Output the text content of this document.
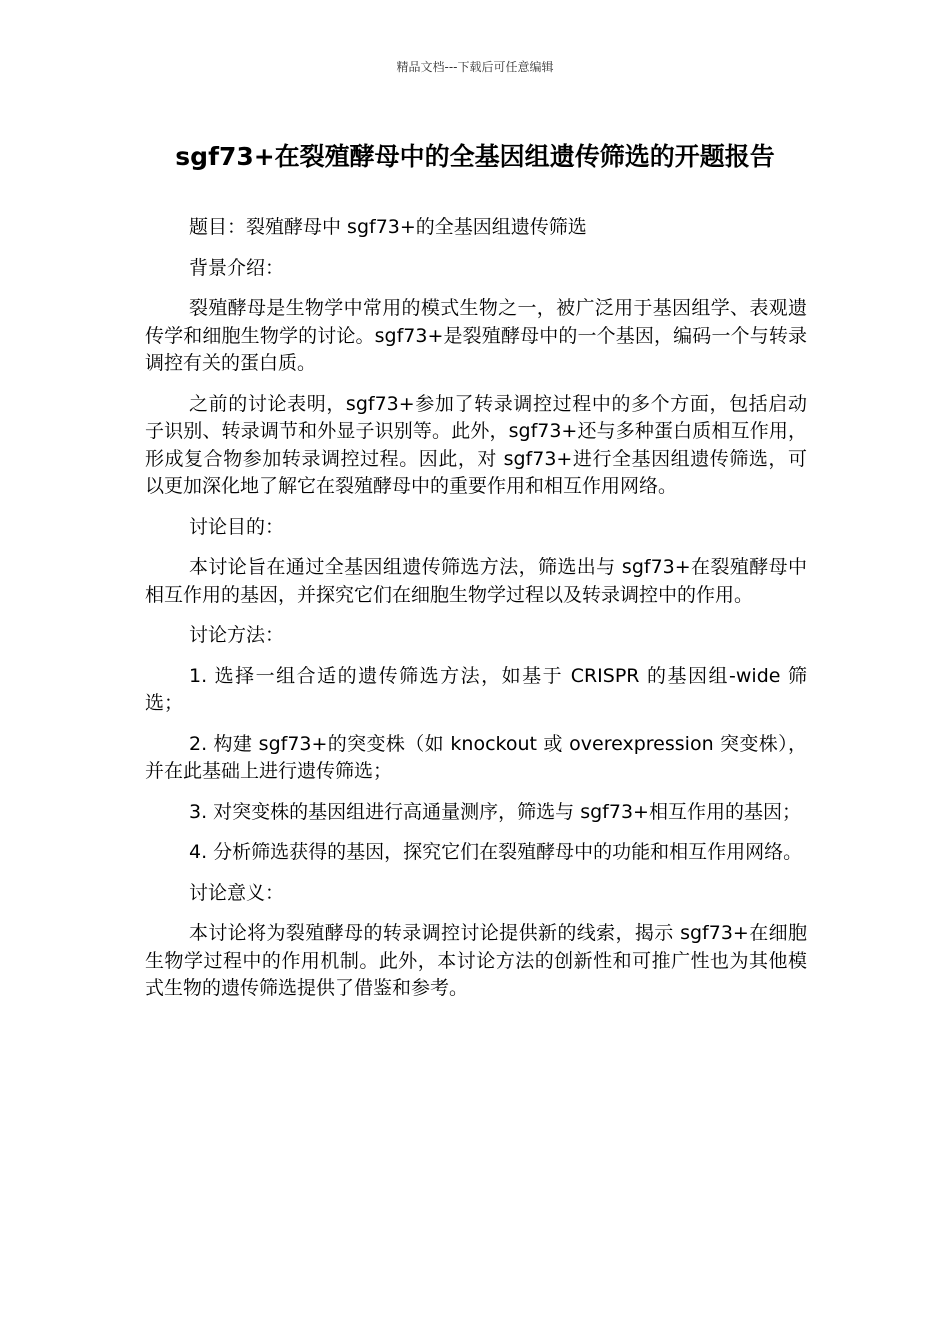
精品文档---下载后可任意编辑
sgf73+在裂殖酵母中的全基因组遗传筛选的开题报告

题目：裂殖酵母中 sgf73+的全基因组遗传筛选

背景介绍：

裂殖酵母是生物学中常用的模式生物之一，被广泛用于基因组学、表观遗传学和细胞生物学的讨论。sgf73+是裂殖酵母中的一个基因，编码一个与转录调控有关的蛋白质。

之前的讨论表明，sgf73+参加了转录调控过程中的多个方面，包括启动子识别、转录调节和外显子识别等。此外，sgf73+还与多种蛋白质相互作用，形成复合物参加转录调控过程。因此，对 sgf73+进行全基因组遗传筛选，可以更加深化地了解它在裂殖酵母中的重要作用和相互作用网络。

讨论目的：

本讨论旨在通过全基因组遗传筛选方法，筛选出与 sgf73+在裂殖酵母中相互作用的基因，并探究它们在细胞生物学过程以及转录调控中的作用。

讨论方法：

1. 选择一组合适的遗传筛选方法，如基于 CRISPR 的基因组-wide 筛选；

2. 构建 sgf73+的突变株（如 knockout 或 overexpression 突变株），并在此基础上进行遗传筛选；

3. 对突变株的基因组进行高通量测序，筛选与 sgf73+相互作用的基因；

4. 分析筛选获得的基因，探究它们在裂殖酵母中的功能和相互作用网络。

讨论意义：

本讨论将为裂殖酵母的转录调控讨论提供新的线索，揭示 sgf73+在细胞生物学过程中的作用机制。此外，本讨论方法的创新性和可推广性也为其他模式生物的遗传筛选提供了借鉴和参考。
